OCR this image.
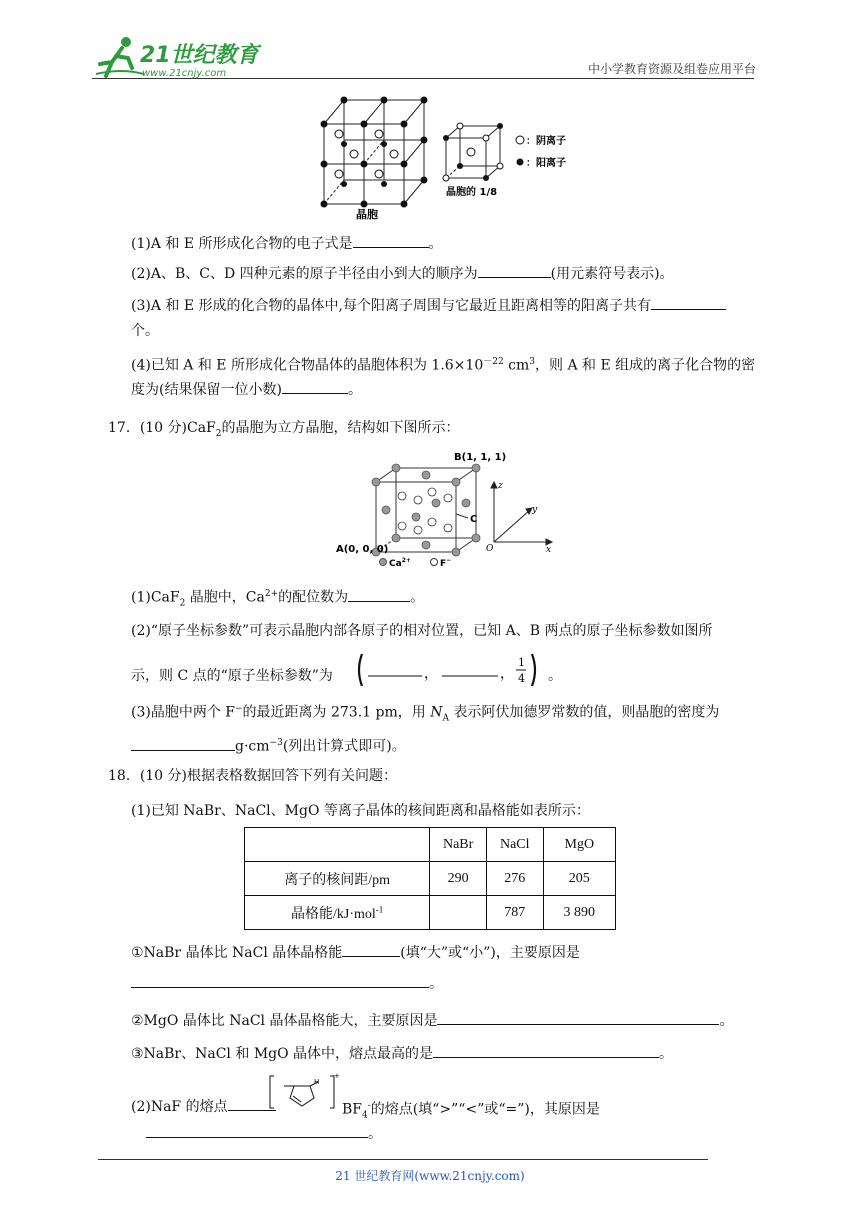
21世纪教育
www.21cnjy.com	中小学教育资源及组卷应用平台
晶胞
晶胞的 1/8
：阴离子
：阳离子
(1)A 和 E 所形成化合物的电子式是	。
(2)A、B、C、D 四种元素的原子半径由小到大的顺序为	(用元素符号表示)。
(3)A 和 E 形成的化合物的晶体中,每个阳离子周围与它最近且距离相等的阳离子共有
个。
(4)已知 A 和 E 所形成化合物晶体的晶胞体积为 $1.6\times 10^{-22}$ $cm^3$，则 A 和 E 组成的离子化合物的密
度为(结果保留一位小数)	。
17．(10 分)CaF$_2$的晶胞为立方晶胞，结构如下图所示：
C
B(1, 1, 1)
A(0, 0, 0)
$Ca^{2+}$	F−
z
y
x
O
(1)CaF$_2$ 晶胞中，$Ca^{2+}$的配位数为	。
(2)“原子坐标参数”可表示晶胞内部各原子的相对位置，已知 A、B 两点的原子坐标参数如图所
示，则 C 点的“原子坐标参数”为	，	，
1
4 。
(3)晶胞中两个 F−的最近距离为 273.1 pm，用 $N_A$ 表示阿伏加德罗常数的值，则晶胞的密度为
$g\cdot cm^{-3}$(列出计算式即可)。
18．(10 分)根据表格数据回答下列有关问题：
(1)已知 NaBr、NaCl、MgO 等离子晶体的核间距离和晶格能如表所示：
	NaBr	NaCl	MgO
离子的核间距/pm	290	276	205
晶格能/kJ·mol$^{-1}$		787	3 890
①NaBr 晶体比 NaCl 晶体晶格能	(填“大”或“小”)，主要原因是
。
②MgO 晶体比 NaCl 晶体晶格能大，主要原因是	。
③NaBr、NaCl 和 MgO 晶体中，熔点最高的是	。
(2)NaF 的熔点
H
+
$BF_4^-$的熔点(填“>”“<”或“=”)，其原因是
。
21 世纪教育网(www.21cnjy.com)
